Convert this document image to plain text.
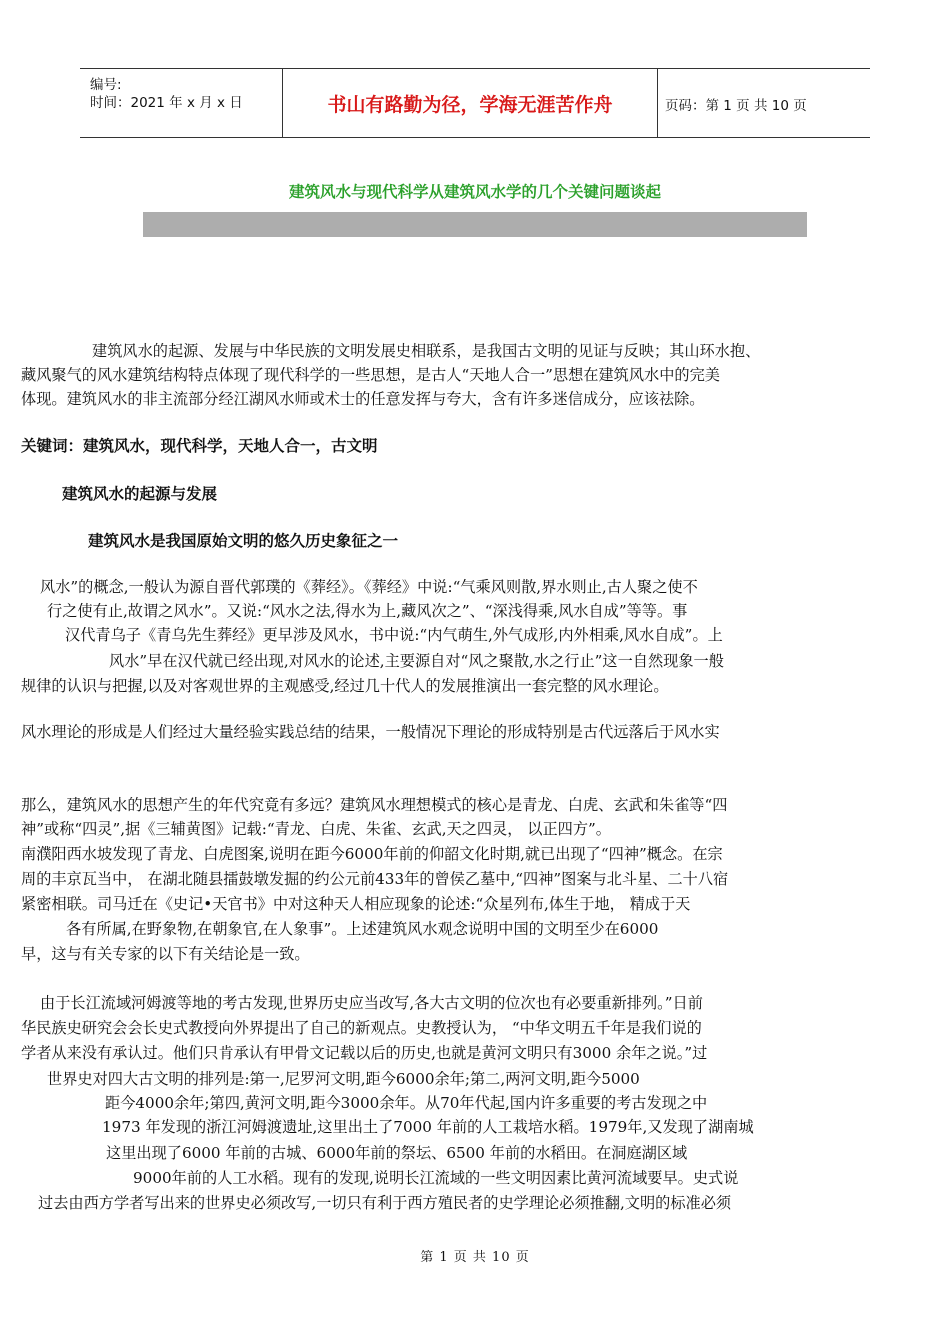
编号:
时间：2021 年 x 月 x 日	书山有路勤为径，学海无涯苦作舟	页码：第 1 页 共 10 页
建筑风水与现代科学从建筑风水学的几个关键问题谈起
建筑风水的起源、发展与中华民族的文明发展史相联系，是我国古文明的见证与反映；其山环水抱、
藏风聚气的风水建筑结构特点体现了现代科学的一些思想，是古人“天地人合一”思想在建筑风水中的完美
体现。建筑风水的非主流部分经江湖风水师或术士的任意发挥与夸大，含有许多迷信成分，应该祛除。
关键词：建筑风水，现代科学，天地人合一，古文明
建筑风水的起源与发展
建筑风水是我国原始文明的悠久历史象征之一
风水”的概念,一般认为源自晋代郭璞的《葬经》。《葬经》中说:“气乘风则散,界水则止,古人聚之使不
行之使有止,故谓之风水”。又说:“风水之法,得水为上,藏风次之”、“深浅得乘,风水自成”等等。事
汉代青乌子《青乌先生葬经》更早涉及风水，书中说:“内气萌生,外气成形,内外相乘,风水自成”。上
风水”早在汉代就已经出现,对风水的论述,主要源自对“风之聚散,水之行止”这一自然现象一般
规律的认识与把握,以及对客观世界的主观感受,经过几十代人的发展推演出一套完整的风水理论。
风水理论的形成是人们经过大量经验实践总结的结果，一般情况下理论的形成特别是古代远落后于风水实
那么，建筑风水的思想产生的年代究竟有多远？建筑风水理想模式的核心是青龙、白虎、玄武和朱雀等“四
神”或称“四灵”,据《三辅黄图》记载:“青龙、白虎、朱雀、玄武,天之四灵， 以正四方”。
南濮阳西水坡发现了青龙、白虎图案,说明在距今6000年前的仰韶文化时期,就已出现了“四神”概念。在宗
周的丰京瓦当中， 在湖北随县擂鼓墩发掘的约公元前433年的曾侯乙墓中,“四神”图案与北斗星、二十八宿
紧密相联。司马迁在《史记•天官书》中对这种天人相应现象的论述:“众星列布,体生于地， 精成于天
各有所属,在野象物,在朝象官,在人象事”。上述建筑风水观念说明中国的文明至少在6000
早，这与有关专家的以下有关结论是一致。
由于长江流域河姆渡等地的考古发现,世界历史应当改写,各大古文明的位次也有必要重新排列。”日前
华民族史研究会会长史式教授向外界提出了自己的新观点。史教授认为， “中华文明五千年是我们说的
学者从来没有承认过。他们只肯承认有甲骨文记载以后的历史,也就是黄河文明只有3000 余年之说。”过
世界史对四大古文明的排列是:第一,尼罗河文明,距今6000余年;第二,两河文明,距今5000
距今4000余年;第四,黄河文明,距今3000余年。从70年代起,国内许多重要的考古发现之中
1973 年发现的浙江河姆渡遗址,这里出土了7000 年前的人工栽培水稻。1979年,又发现了湖南城
这里出现了6000 年前的古城、6000年前的祭坛、6500 年前的水稻田。在洞庭湖区域
9000年前的人工水稻。现有的发现,说明长江流域的一些文明因素比黄河流域要早。史式说
过去由西方学者写出来的世界史必须改写,一切只有利于西方殖民者的史学理论必须推翻,文明的标准必须
第 1 页 共 10 页
